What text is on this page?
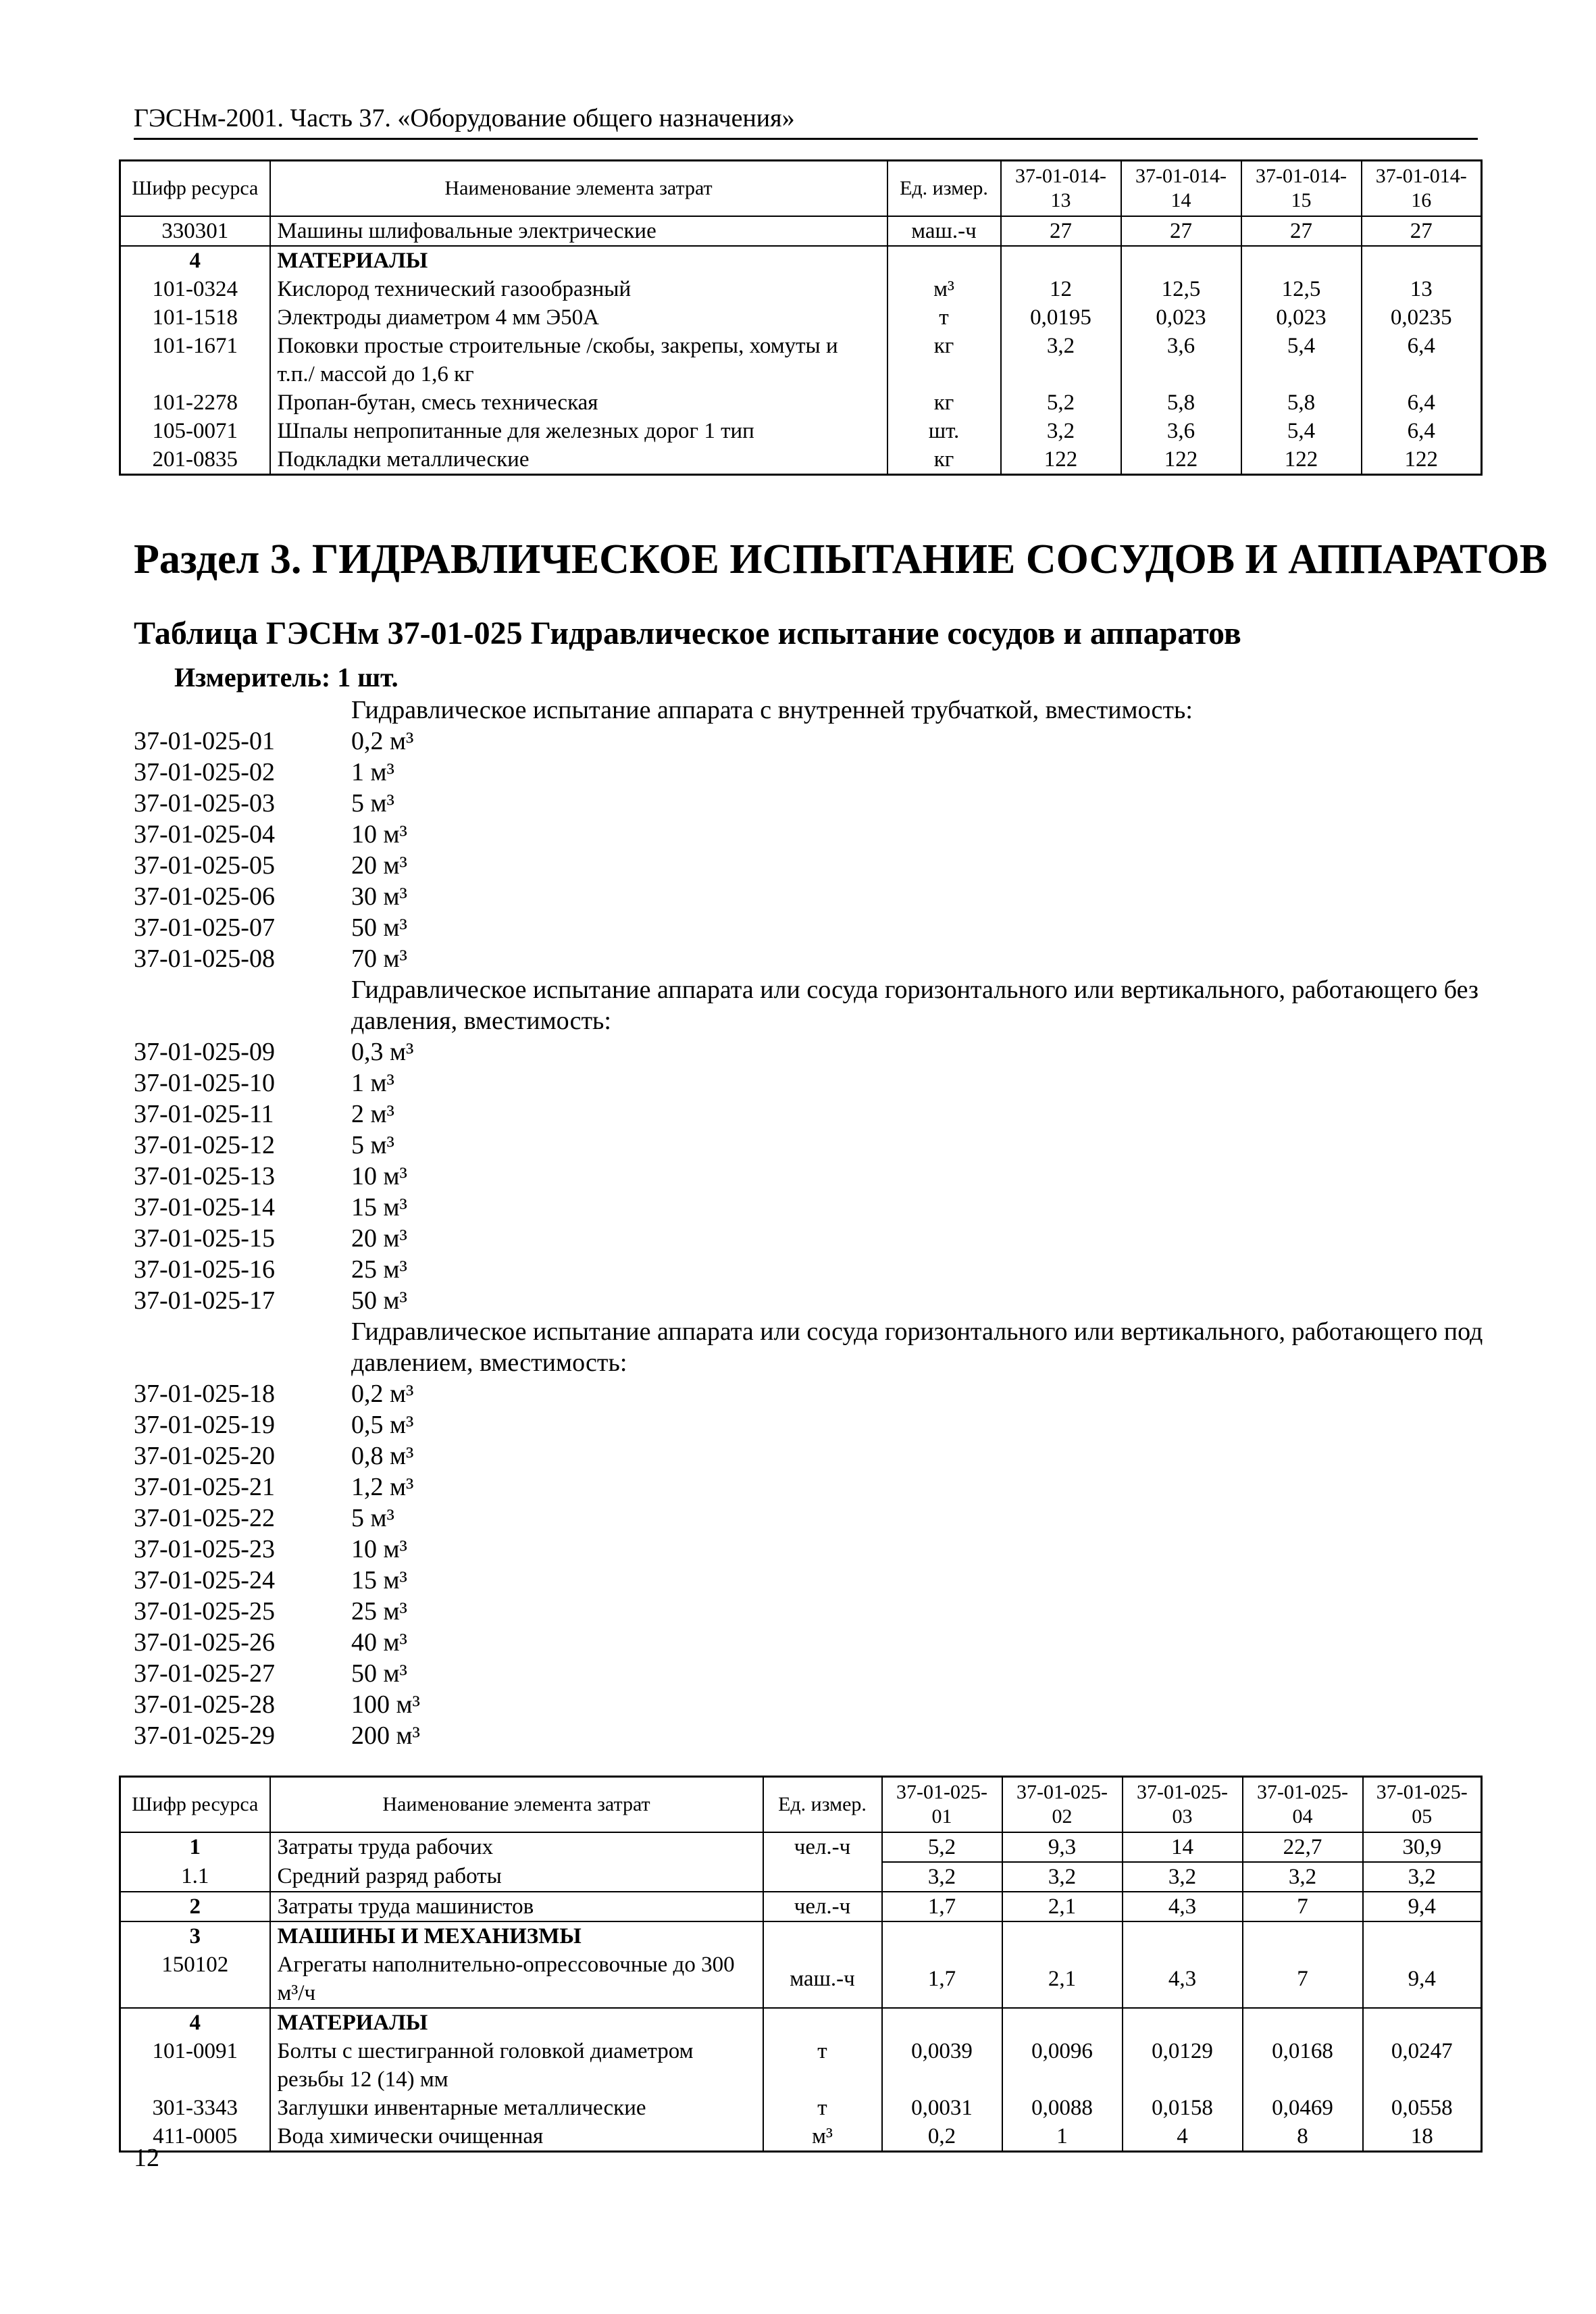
ГЭСНм-2001. Часть 37. «Оборудование общего назначения»
Шифр ресурса	Наименование элемента затрат	Ед. измер.	37-01-014-13	37-01-014-14	37-01-014-15	37-01-014-16
330301	Машины шлифовальные электрические	маш.-ч	27	27	27	27
4	МАТЕРИАЛЫ					
101-0324	Кислород технический газообразный	м³	12	12,5	12,5	13
101-1518	Электроды диаметром 4 мм Э50А	т	0,0195	0,023	0,023	0,0235
101-1671	Поковки простые строительные /скобы, закрепы, хомуты и т.п./ массой до 1,6 кг	кг	3,2	3,6	5,4	6,4
101-2278	Пропан-бутан, смесь техническая	кг	5,2	5,8	5,8	6,4
105-0071	Шпалы непропитанные для железных дорог 1 тип	шт.	3,2	3,6	5,4	6,4
201-0835	Подкладки металлические	кг	122	122	122	122
Раздел 3. ГИДРАВЛИЧЕСКОЕ ИСПЫТАНИЕ СОСУДОВ И АППАРАТОВ
Таблица ГЭСНм 37-01-025 Гидравлическое испытание сосудов и аппаратов
Измеритель: 1 шт.
Гидравлическое испытание аппарата с внутренней трубчаткой, вместимость:
37-01-025-01	0,2 м³
37-01-025-02	1 м³
37-01-025-03	5 м³
37-01-025-04	10 м³
37-01-025-05	20 м³
37-01-025-06	30 м³
37-01-025-07	50 м³
37-01-025-08	70 м³
Гидравлическое испытание аппарата или сосуда горизонтального или вертикального, работающего без давления, вместимость:
37-01-025-09	0,3 м³
37-01-025-10	1 м³
37-01-025-11	2 м³
37-01-025-12	5 м³
37-01-025-13	10 м³
37-01-025-14	15 м³
37-01-025-15	20 м³
37-01-025-16	25 м³
37-01-025-17	50 м³
Гидравлическое испытание аппарата или сосуда горизонтального или вертикального, работающего под давлением, вместимость:
37-01-025-18	0,2 м³
37-01-025-19	0,5 м³
37-01-025-20	0,8 м³
37-01-025-21	1,2 м³
37-01-025-22	5 м³
37-01-025-23	10 м³
37-01-025-24	15 м³
37-01-025-25	25 м³
37-01-025-26	40 м³
37-01-025-27	50 м³
37-01-025-28	100 м³
37-01-025-29	200 м³
Шифр ресурса	Наименование элемента затрат	Ед. измер.	37-01-025-01	37-01-025-02	37-01-025-03	37-01-025-04	37-01-025-05
1	Затраты труда рабочих	чел.-ч	5,2	9,3	14	22,7	30,9
1.1	Средний разряд работы		3,2	3,2	3,2	3,2	3,2
2	Затраты труда машинистов	чел.-ч	1,7	2,1	4,3	7	9,4
3	МАШИНЫ И МЕХАНИЗМЫ						
150102	Агрегаты наполнительно-опрессовочные до 300 м³/ч	маш.-ч	1,7	2,1	4,3	7	9,4
4	МАТЕРИАЛЫ						
101-0091	Болты с шестигранной головкой диаметром резьбы 12 (14) мм	т	0,0039	0,0096	0,0129	0,0168	0,0247
301-3343	Заглушки инвентарные металлические	т	0,0031	0,0088	0,0158	0,0469	0,0558
411-0005	Вода химически очищенная	м³	0,2	1	4	8	18
12
